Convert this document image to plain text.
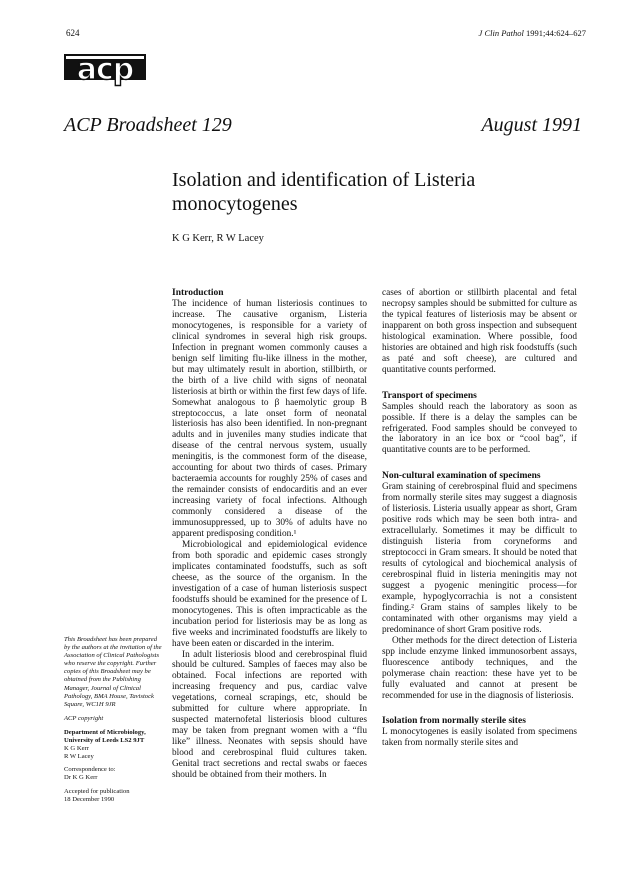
624	J Clin Pathol 1991;44:624–627
acp
ACP Broadsheet 129	August 1991
Isolation and identification of Listeria
monocytogenes
K G Kerr, R W Lacey

This Broadsheet has been prepared by the authors at the invitation of the Association of Clinical Pathologists who reserve the copyright. Further copies of this Broadsheet may be obtained from the Publishing Manager, Journal of Clinical Pathology, BMA House, Tavistock Square, WC1H 9JR

ACP copyright

Department of Microbiology, University of Leeds LS2 9JT

K G Kerr

R W Lacey

Correspondence to:

Dr K G Kerr

Accepted for publication

18 December 1990

Introduction

The incidence of human listeriosis continues to increase. The causative organism, Listeria monocytogenes, is responsible for a variety of clinical syndromes in several high risk groups. Infection in pregnant women commonly causes a benign self limiting flu-like illness in the mother, but may ultimately result in abortion, stillbirth, or the birth of a live child with signs of neonatal listeriosis at birth or within the first few days of life. Somewhat analogous to β haemolytic group B streptococcus, a late onset form of neonatal listeriosis has also been identified. In non-pregnant adults and in juveniles many studies indicate that disease of the central nervous system, usually meningitis, is the commonest form of the disease, accounting for about two thirds of cases. Primary bacteraemia accounts for roughly 25% of cases and the remainder consists of endocarditis and an ever increasing variety of focal infections. Although commonly considered a disease of the immunosuppressed, up to 30% of adults have no apparent predisposing condition.¹

Microbiological and epidemiological evidence from both sporadic and epidemic cases strongly implicates contaminated foodstuffs, such as soft cheese, as the source of the organism. In the investigation of a case of human listeriosis suspect foodstuffs should be examined for the presence of L monocytogenes. This is often impracticable as the incubation period for listeriosis may be as long as five weeks and incriminated foodstuffs are likely to have been eaten or discarded in the interim.

In adult listeriosis blood and cerebrospinal fluid should be cultured. Samples of faeces may also be obtained. Focal infections are reported with increasing frequency and pus, cardiac valve vegetations, corneal scrapings, etc, should be submitted for culture where appropriate. In suspected maternofetal listeriosis blood cultures may be taken from pregnant women with a “flu like” illness. Neonates with sepsis should have blood and cerebrospinal fluid cultures taken. Genital tract secretions and rectal swabs or faeces should be obtained from their mothers. In

cases of abortion or stillbirth placental and fetal necropsy samples should be submitted for culture as the typical features of listeriosis may be absent or inapparent on both gross inspection and subsequent histological examination. Where possible, food histories are obtained and high risk foodstuffs (such as paté and soft cheese), are cultured and quantitative counts performed.

Transport of specimens

Samples should reach the laboratory as soon as possible. If there is a delay the samples can be refrigerated. Food samples should be conveyed to the laboratory in an ice box or “cool bag”, if quantitative counts are to be performed.

Non-cultural examination of specimens

Gram staining of cerebrospinal fluid and specimens from normally sterile sites may suggest a diagnosis of listeriosis. Listeria usually appear as short, Gram positive rods which may be seen both intra- and extracellularly. Sometimes it may be difficult to distinguish listeria from coryneforms and streptococci in Gram smears. It should be noted that results of cytological and biochemical analysis of cerebrospinal fluid in listeria meningitis may not suggest a pyogenic meningitic process—for example, hypoglycorrachia is not a consistent finding.² Gram stains of samples likely to be contaminated with other organisms may yield a predominance of short Gram positive rods.

Other methods for the direct detection of Listeria spp include enzyme linked immunosorbent assays, fluorescence antibody techniques, and the polymerase chain reaction: these have yet to be fully evaluated and cannot at present be recommended for use in the diagnosis of listeriosis.

Isolation from normally sterile sites

L monocytogenes is easily isolated from specimens taken from normally sterile sites and
